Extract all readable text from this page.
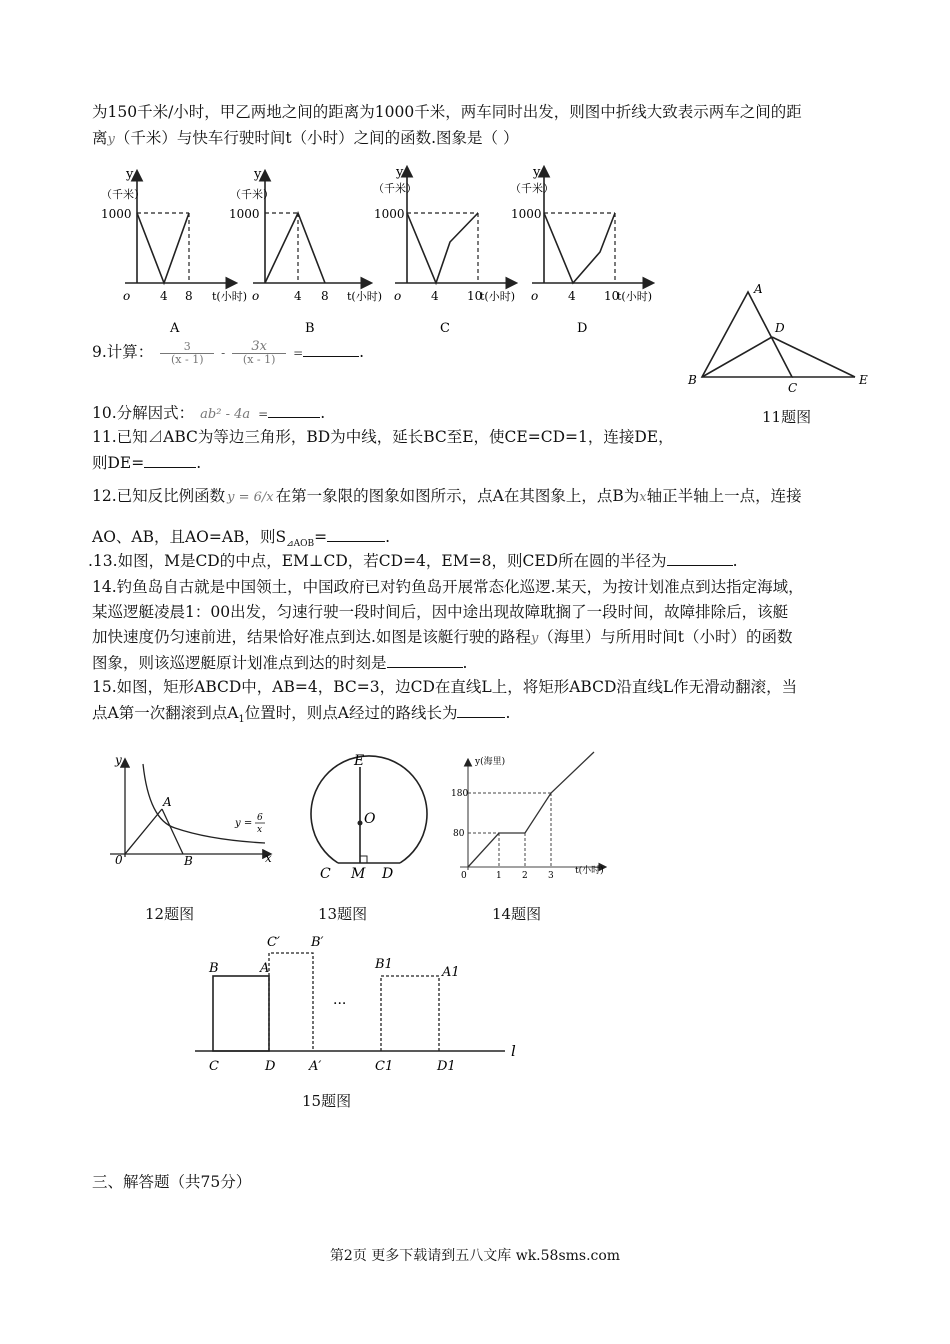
为150千米/小时，甲乙两地之间的距离为1000千米，两车同时出发，则图中折线大致表示两车之间的距
离y（千米）与快车行驶时间t（小时）之间的函数.图象是（ ）
y
（千米）
1000
o 4 8 t(小时)
A
y
（千米）
1000
o	4 8 t(小时)
B
y
（千米）
1000
o 4 10
t(小时)
C
y
（千米）
1000
o 4 10
t(小时)
D
9.计算： $\frac{3}{(x - 1)} - \frac{3x}{(x - 1)}$ =	.
10.分解因式： ab² - 4a =	.
11.已知⊿ABC为等边三角形，BD为中线，延长BC至E，使CE=CD=1，连接DE，
则DE=	.
A
D
B
C
E
11题图
12.已知反比例函数 y = 6/x 在第一象限的图象如图所示，点A在其图象上，点B为x轴正半轴上一点，连接
AO、AB，且AO=AB，则$S_{⊿AOB}=$	.
.13.如图，M是CD的中点，EM⊥CD，若CD=4，EM=8，则CED所在圆的半径为	.
14.钓鱼岛自古就是中国领土，中国政府已对钓鱼岛开展常态化巡逻.某天，为按计划准点到达指定海域，
某巡逻艇凌晨1：00出发，匀速行驶一段时间后，因中途出现故障耽搁了一段时间，故障排除后，该艇
加快速度仍匀速前进，结果恰好准点到达.如图是该艇行驶的路程y（海里）与所用时间t（小时）的函数
图象，则该巡逻艇原计划准点到达的时刻是	.
15.如图，矩形ABCD中，AB=4，BC=3，边CD在直线L上，将矩形ABCD沿直线L作无滑动翻滚，当
点A第一次翻滚到点$A_1$位置时，则点A经过的路线长为	.
y
x
0
A
B
y = 6
x
12题图
E
O
C M D
13题图
y(海里)
180
80
0	1 2 3 t(小时)
14题图
B	A
C′ B′
B1
A1
···
C	D	A′	C1	D1
l
15题图
三、解答题（共75分）
第2页 更多下载请到五八文库 wk.58sms.com
